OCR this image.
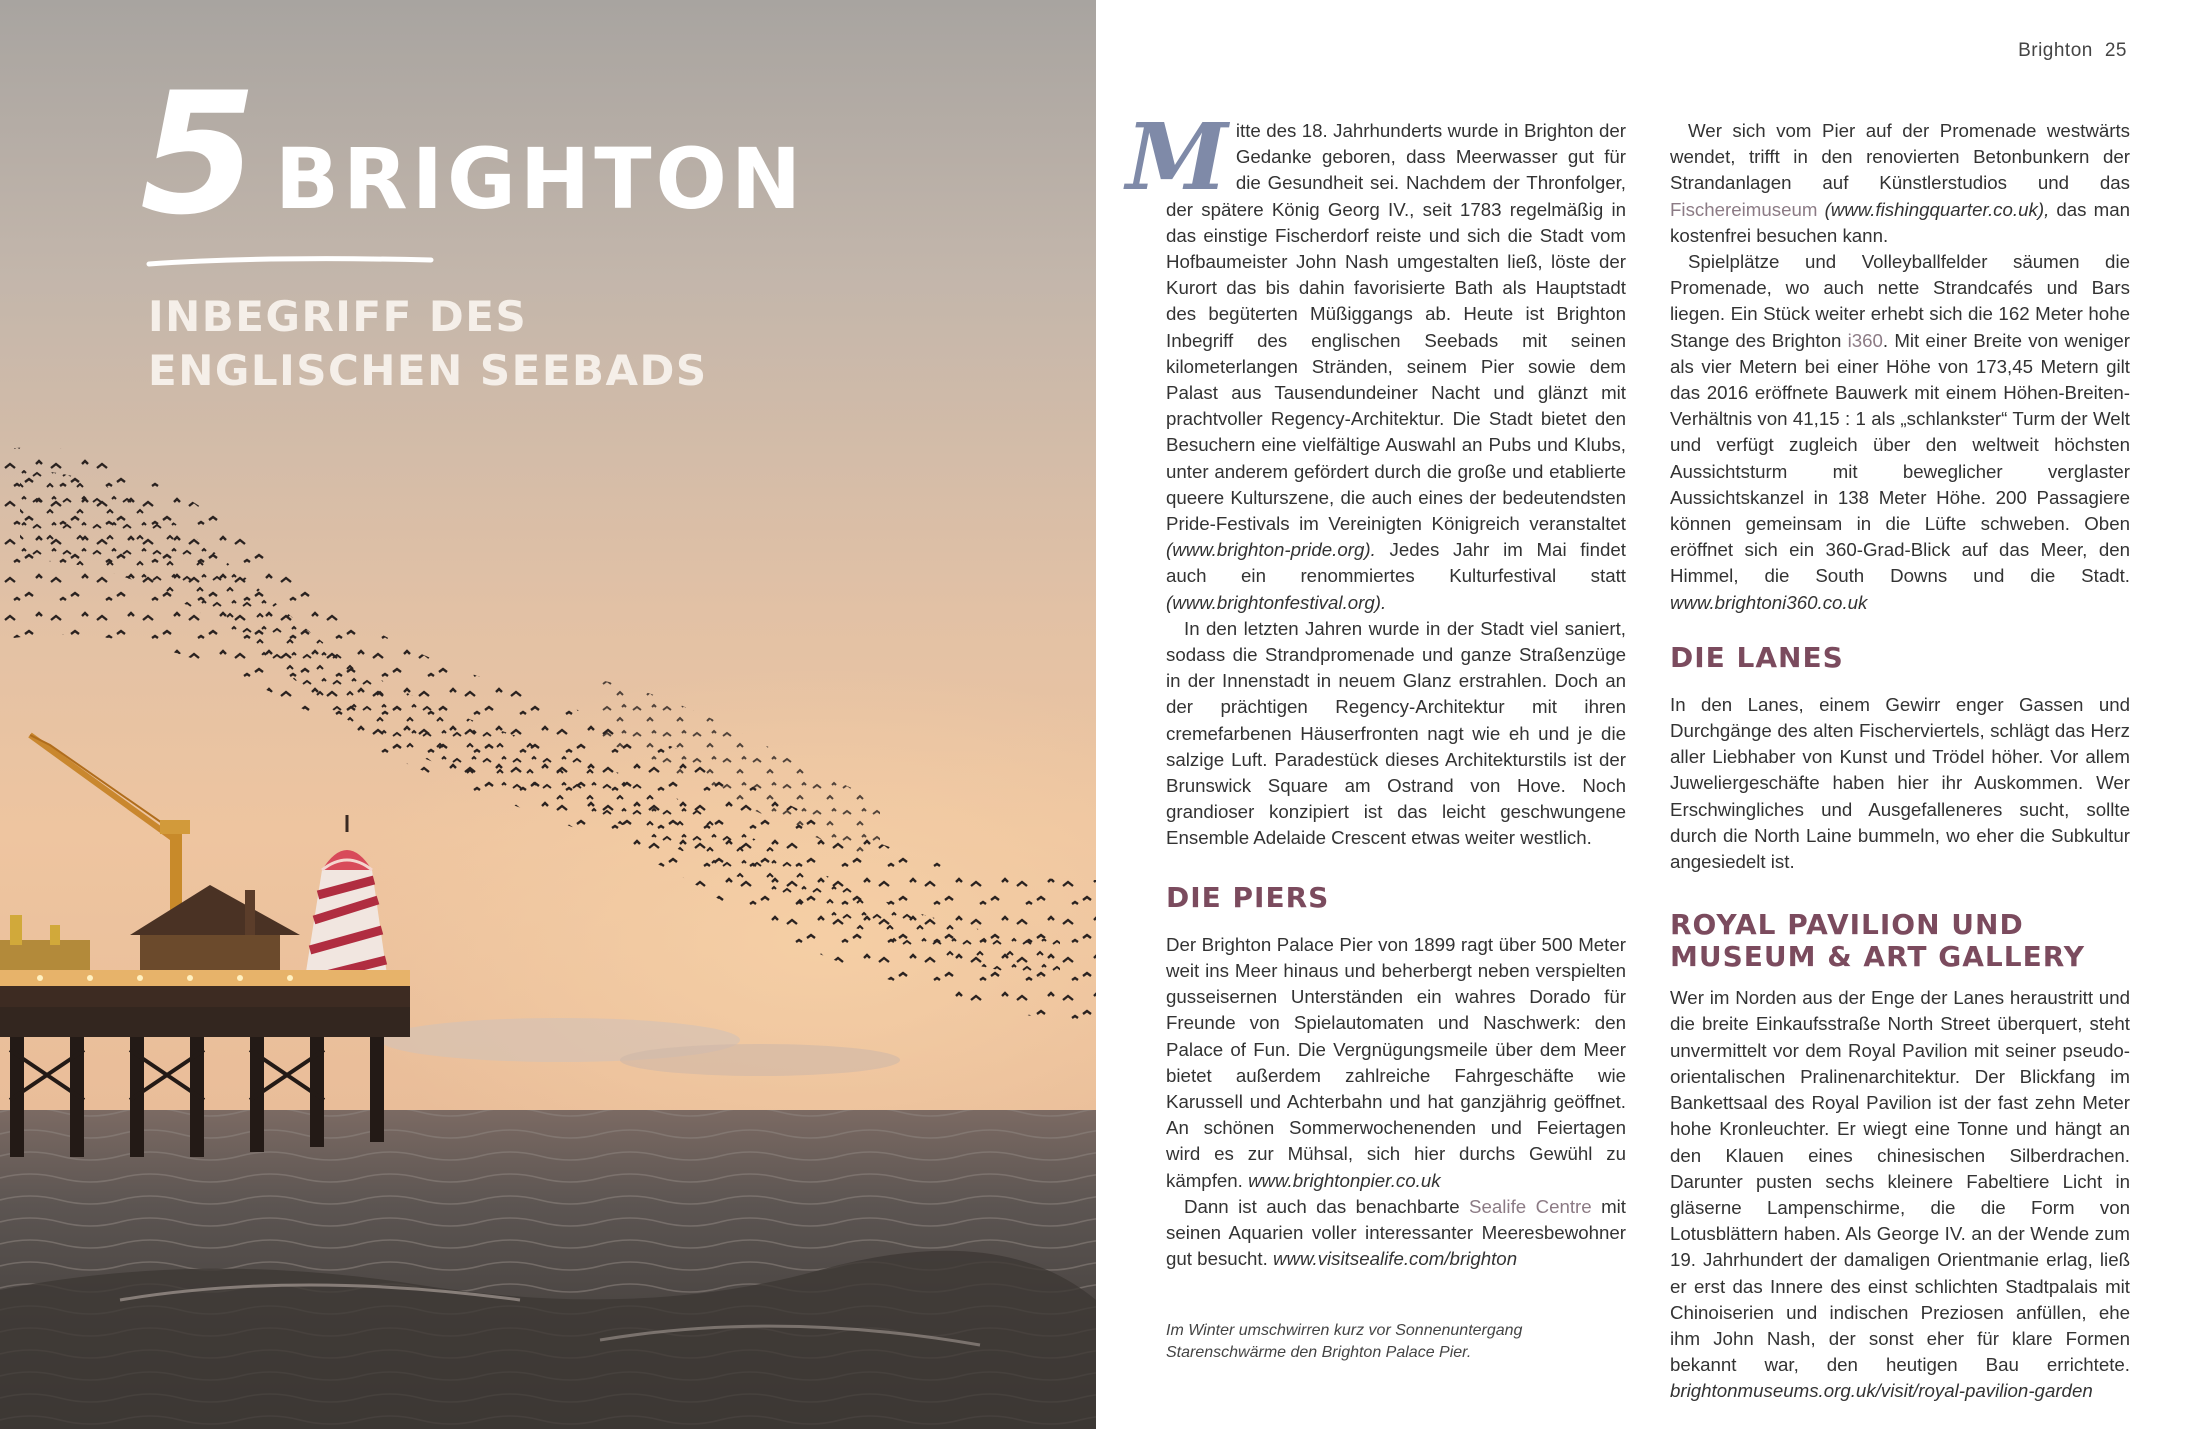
5 BRIGHTON
INBEGRIFF DES ENGLISCHEN SEEBADS
Brighton 25

Mitte des 18. Jahrhunderts wurde in Brighton der Gedanke geboren, dass Meerwasser gut für die Gesundheit sei. Nachdem der Thronfolger, der spätere König Georg IV., seit 1783 regelmäßig in das einstige Fischerdorf reiste und sich die Stadt vom Hofbaumeister John Nash umgestalten ließ, löste der Kurort das bis dahin favorisierte Bath als Hauptstadt des begüterten Müßiggangs ab. Heute ist Brighton Inbegriff des englischen Seebads mit seinen kilometerlangen Stränden, seinem Pier sowie dem Palast aus Tausendundeiner Nacht und glänzt mit prachtvoller Regency-Architektur. Die Stadt bietet den Besuchern eine vielfältige Auswahl an Pubs und Klubs, unter anderem gefördert durch die große und etablierte queere Kulturszene, die auch eines der bedeutendsten Pride-Festivals im Vereinigten Königreich veranstaltet (www.brighton-pride.org). Jedes Jahr im Mai findet auch ein renommiertes Kulturfestival statt (www.brightonfestival.org).

In den letzten Jahren wurde in der Stadt viel saniert, sodass die Strandpromenade und ganze Straßenzüge in der Innenstadt in neuem Glanz erstrahlen. Doch an der prächtigen Regency-Architektur mit ihren cremefarbenen Häuserfronten nagt wie eh und je die salzige Luft. Paradestück dieses Architekturstils ist der Brunswick Square am Ostrand von Hove. Noch grandioser konzipiert ist das leicht geschwungene Ensemble Adelaide Crescent etwas weiter westlich.

DIE PIERS

Der Brighton Palace Pier von 1899 ragt über 500 Meter weit ins Meer hinaus und beherbergt neben verspielten gusseisernen Unterständen ein wahres Dorado für Freunde von Spielautomaten und Naschwerk: den Palace of Fun. Die Vergnügungsmeile über dem Meer bietet außerdem zahlreiche Fahrgeschäfte wie Karussell und Achterbahn und hat ganzjährig geöffnet. An schönen Sommerwochenenden und Feiertagen wird es zur Mühsal, sich hier durchs Gewühl zu kämpfen. www.brightonpier.co.uk

Dann ist auch das benachbarte Sealife Centre mit seinen Aquarien voller interessanter Meeresbewohner gut besucht. www.visitsealife.com/brighton

Im Winter umschwirren kurz vor Sonnenuntergang Starenschwärme den Brighton Palace Pier.

Wer sich vom Pier auf der Promenade westwärts wendet, trifft in den renovierten Betonbunkern der Strandanlagen auf Künstlerstudios und das Fischereimuseum (www.fishingquarter.co.uk), das man kostenfrei besuchen kann.

Spielplätze und Volleyballfelder säumen die Promenade, wo auch nette Strandcafés und Bars liegen. Ein Stück weiter erhebt sich die 162 Meter hohe Stange des Brighton i360. Mit einer Breite von weniger als vier Metern bei einer Höhe von 173,45 Metern gilt das 2016 eröffnete Bauwerk mit einem Höhen-Breiten-Verhältnis von 41,15 : 1 als „schlankster“ Turm der Welt und verfügt zugleich über den weltweit höchsten Aussichtsturm mit beweglicher verglaster Aussichtskanzel in 138 Meter Höhe. 200 Passagiere können gemeinsam in die Lüfte schweben. Oben eröffnet sich ein 360-Grad-Blick auf das Meer, den Himmel, die South Downs und die Stadt. www.brightoni360.co.uk

DIE LANES

In den Lanes, einem Gewirr enger Gassen und Durchgänge des alten Fischerviertels, schlägt das Herz aller Liebhaber von Kunst und Trödel höher. Vor allem Juweliergeschäfte haben hier ihr Auskommen. Wer Erschwingliches und Ausgefalleneres sucht, sollte durch die North Laine bummeln, wo eher die Subkultur angesiedelt ist.

ROYAL PAVILION UND MUSEUM & ART GALLERY

Wer im Norden aus der Enge der Lanes heraustritt und die breite Einkaufsstraße North Street überquert, steht unvermittelt vor dem Royal Pavilion mit seiner pseudo-orientalischen Pralinenarchitektur. Der Blickfang im Bankettsaal des Royal Pavilion ist der fast zehn Meter hohe Kronleuchter. Er wiegt eine Tonne und hängt an den Klauen eines chinesischen Silberdrachen. Darunter pusten sechs kleinere Fabeltiere Licht in gläserne Lampenschirme, die die Form von Lotusblättern haben. Als George IV. an der Wende zum 19. Jahrhundert der damaligen Orientmanie erlag, ließ er erst das Innere des einst schlichten Stadtpalais mit Chinoiserien und indischen Preziosen anfüllen, ehe ihm John Nash, der sonst eher für klare Formen bekannt war, den heutigen Bau errichtete. brightonmuseums.org.uk/visit/royal-pavilion-garden
